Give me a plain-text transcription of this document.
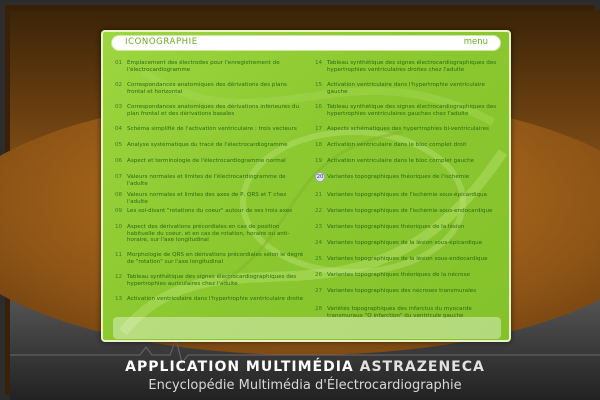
ICONOGRAPHIE	menu
01 Emplacement des électrodes pour l'enregistrement de l'électrocardiogramme
02 Correspondances anatomiques des dérivations des plans frontal et horizontal
03 Correspondances anatomiques des dérivations inférieures du plan frontal et des dérivations basales
04 Schéma simplifié de l'activation ventriculaire : trois vecteurs
05 Analyse systématique du tracé de l'électrocardiogramme
06 Aspect et terminologie de l'électrocardiogramme normal
07 Valeurs normales et limites de l'électrocardiogramme de l'adulte
08 Valeurs normales et limites des axes de P, QRS et T chez l'adulte
09 Les soi-disant "rotations du coeur" autour de ses trois axes
10 Aspect des dérivations précordiales en cas de position habituelle du coeur, et en cas de rotation, horaire ou anti-horaire, sur l'axe longitudinal
11 Morphologie de QRS en dérivations précordiales selon le degré de "rotation" sur l'axe longitudinal
12 Tableau synthétique des signes électrocardiographiques des hypertrophies auriculaires chez l'adulte
13 Activation ventriculaire dans l'hypertrophie ventriculaire droite
14 Tableau synthétique des signes électrocardiographiques des hypertrophies ventriculaires droites chez l'adulte
15 Activation ventriculaire dans l'hypertrophie ventriculaire gauche
16 Tableau synthétique des signes électrocardiographiques des hypertrophies ventriculaires gauches chez l'adulte
17 Aspects schématiques des hypertrophies bi-ventriculaires
18 Activation ventriculaire dans le bloc complet droit
19 Activation ventriculaire dans le bloc complet gauche
20 Variantes topographiques théoriques de l'ischémie
21 Variantes topographiques de l'ischémie sous-épicardique
22 Variantes topographiques de l'ischémie sous-endocardique
23 Variantes topographiques théoriques de la lésion
24 Variantes topographiques de la lésion sous-épicardique
25 Variantes topographiques de la lésion sous-endocardique
26 Variantes topographiques théoriques de la nécrose
27 Variantes topographiques des nécroses transmurales
28 Variétés topographiques des infarctus du myocarde transmuraux "Q infarction" du ventricule gauche
APPLICATION MULTIMÉDIA ASTRAZENECA
Encyclopédie Multimédia d'Électrocardiographie
